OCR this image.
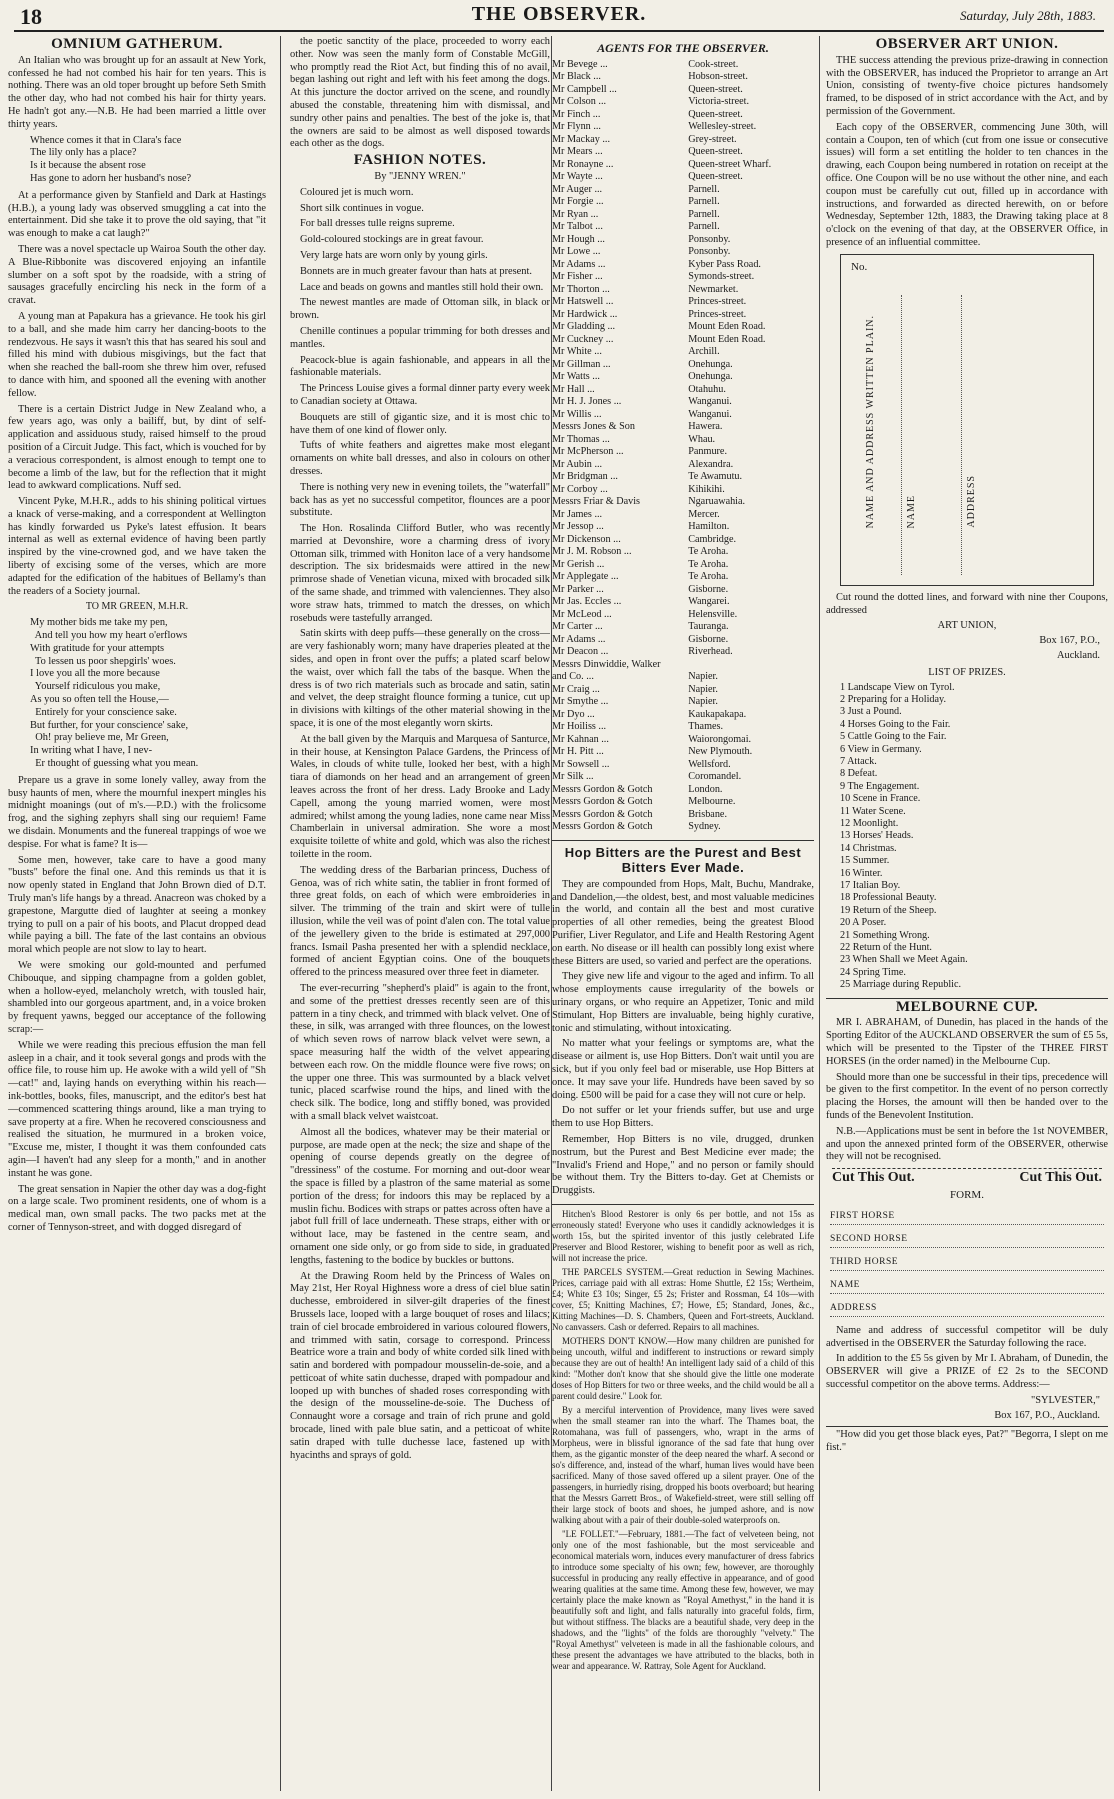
18	THE OBSERVER.	Saturday, July 28th, 1883.
OMNIUM GATHERUM.

An Italian who was brought up for an assault at New York, confessed he had not combed his hair for ten years. This is nothing. There was an old toper brought up before Seth Smith the other day, who had not combed his hair for thirty years. He hadn't got any.—N.B. He had been married a little over thirty years.

Whence comes it that in Clara's face
The lily only has a place?
Is it because the absent rose
Has gone to adorn her husband's nose?

At a performance given by Stanfield and Dark at Hastings (H.B.), a young lady was observed smuggling a cat into the entertainment. Did she take it to prove the old saying, that "it was enough to make a cat laugh?"

There was a novel spectacle up Wairoa South the other day. A Blue-Ribbonite was discovered enjoying an infantile slumber on a soft spot by the roadside, with a string of sausages gracefully encircling his neck in the form of a cravat.

A young man at Papakura has a grievance. He took his girl to a ball, and she made him carry her dancing-boots to the rendezvous. He says it wasn't this that has seared his soul and filled his mind with dubious misgivings, but the fact that when she reached the ball-room she threw him over, refused to dance with him, and spooned all the evening with another fellow.

There is a certain District Judge in New Zealand who, a few years ago, was only a bailiff, but, by dint of self-application and assiduous study, raised himself to the proud position of a Circuit Judge. This fact, which is vouched for by a veracious correspondent, is almost enough to tempt one to become a limb of the law, but for the reflection that it might lead to awkward complications. Nuff sed.

Vincent Pyke, M.H.R., adds to his shining political virtues a knack of verse-making, and a correspondent at Wellington has kindly forwarded us Pyke's latest effusion. It bears internal as well as external evidence of having been partly inspired by the vine-crowned god, and we have taken the liberty of excising some of the verses, which are more adapted for the edification of the habitues of Bellamy's than the readers of a Society journal.

TO MR GREEN, M.H.R.
My mother bids me take my pen,
And tell you how my heart o'erflows
With gratitude for your attempts
To lessen us poor shepgirls' woes.
I love you all the more because
Yourself ridiculous you make,
As you so often tell the House,—
Entirely for your conscience sake.
But further, for your conscience' sake,
Oh! pray believe me, Mr Green,
In writing what I have, I nev-
Er thought of guessing what you mean.

Prepare us a grave in some lonely valley, away from the busy haunts of men, where the mournful inexpert mingles his midnight moanings (out of m's.—P.D.) with the frolicsome frog, and the sighing zephyrs shall sing our requiem! Fame we disdain. Monuments and the funereal trappings of woe we despise. For what is fame? It is—

Some men, however, take care to have a good many "busts" before the final one. And this reminds us that it is now openly stated in England that John Brown died of D.T. Truly man's life hangs by a thread. Anacreon was choked by a grapestone, Margutte died of laughter at seeing a monkey trying to pull on a pair of his boots, and Placut dropped dead while paying a bill. The fate of the last contains an obvious moral which people are not slow to lay to heart.

We were smoking our gold-mounted and perfumed Chibouque, and sipping champagne from a golden goblet, when a hollow-eyed, melancholy wretch, with tousled hair, shambled into our gorgeous apartment, and, in a voice broken by frequent yawns, begged our acceptance of the following scrap:—

While we were reading this precious effusion the man fell asleep in a chair, and it took several gongs and prods with the office file, to rouse him up. He awoke with a wild yell of "Sh—cat!" and, laying hands on everything within his reach—ink-bottles, books, files, manuscript, and the editor's best hat—commenced scattering things around, like a man trying to save property at a fire. When he recovered consciousness and realised the situation, he murmured in a broken voice, "Excuse me, mister, I thought it was them confounded cats agin—I haven't had any sleep for a month," and in another instant he was gone.

The great sensation in Napier the other day was a dog-fight on a large scale. Two prominent residents, one of whom is a medical man, own small packs. The two packs met at the corner of Tennyson-street, and with dogged disregard of

the poetic sanctity of the place, proceeded to worry each other. Now was seen the manly form of Constable McGill, who promptly read the Riot Act, but finding this of no avail, began lashing out right and left with his feet among the dogs. At this juncture the doctor arrived on the scene, and roundly abused the constable, threatening him with dismissal, and sundry other pains and penalties. The best of the joke is, that the owners are said to be almost as well disposed towards each other as the dogs.

FASHION NOTES.
By "JENNY WREN."

Coloured jet is much worn.

Short silk continues in vogue.

For ball dresses tulle reigns supreme.

Gold-coloured stockings are in great favour.

Very large hats are worn only by young girls.

Bonnets are in much greater favour than hats at present.

Lace and beads on gowns and mantles still hold their own.

The newest mantles are made of Ottoman silk, in black or brown.

Chenille continues a popular trimming for both dresses and mantles.

Peacock-blue is again fashionable, and appears in all the fashionable materials.

The Princess Louise gives a formal dinner party every week to Canadian society at Ottawa.

Bouquets are still of gigantic size, and it is most chic to have them of one kind of flower only.

Tufts of white feathers and aigrettes make most elegant ornaments on white ball dresses, and also in colours on other dresses.

There is nothing very new in evening toilets, the "waterfall" back has as yet no successful competitor, flounces are a poor substitute.

The Hon. Rosalinda Clifford Butler, who was recently married at Devonshire, wore a charming dress of ivory Ottoman silk, trimmed with Honiton lace of a very handsome description. The six bridesmaids were attired in the new primrose shade of Venetian vicuna, mixed with brocaded silk of the same shade, and trimmed with valenciennes. They also wore straw hats, trimmed to match the dresses, on which rosebuds were tastefully arranged.

Satin skirts with deep puffs—these generally on the cross—are very fashionably worn; many have draperies pleated at the sides, and open in front over the puffs; a plated scarf below the waist, over which fall the tabs of the basque. When the dress is of two rich materials such as brocade and satin, satin and velvet, the deep straight flounce forming a tunice, cut up in divisions with kiltings of the other material showing in the space, it is one of the most elegantly worn skirts.

At the ball given by the Marquis and Marquesa of Santurce, in their house, at Kensington Palace Gardens, the Princess of Wales, in clouds of white tulle, looked her best, with a high tiara of diamonds on her head and an arrangement of green leaves across the front of her dress. Lady Brooke and Lady Capell, among the young married women, were most admired; whilst among the young ladies, none came near Miss Chamberlain in universal admiration. She wore a most exquisite toilette of white and gold, which was also the richest toilette in the room.

The wedding dress of the Barbarian princess, Duchess of Genoa, was of rich white satin, the tablier in front formed of three great folds, on each of which were embroideries in silver. The trimming of the train and skirt were of tulle illusion, while the veil was of point d'alen con. The total value of the jewellery given to the bride is estimated at 297,000 francs. Ismail Pasha presented her with a splendid necklace, formed of ancient Egyptian coins. One of the bouquets offered to the princess measured over three feet in diameter.

The ever-recurring "shepherd's plaid" is again to the front, and some of the prettiest dresses recently seen are of this pattern in a tiny check, and trimmed with black velvet. One of these, in silk, was arranged with three flounces, on the lowest of which seven rows of narrow black velvet were sewn, a space measuring half the width of the velvet appearing between each row. On the middle flounce were five rows; on the upper one three. This was surmounted by a black velvet tunic, placed scarfwise round the hips, and lined with the check silk. The bodice, long and stiffly boned, was provided with a small black velvet waistcoat.

Almost all the bodices, whatever may be their material or purpose, are made open at the neck; the size and shape of the opening of course depends greatly on the degree of "dressiness" of the costume. For morning and out-door wear the space is filled by a plastron of the same material as some portion of the dress; for indoors this may be replaced by a muslin fichu. Bodices with straps or pattes across often have a jabot full frill of lace underneath. These straps, either with or without lace, may be fastened in the centre seam, and ornament one side only, or go from side to side, in graduated lengths, fastening to the bodice by buckles or buttons.

At the Drawing Room held by the Princess of Wales on May 21st, Her Royal Highness wore a dress of ciel blue satin duchesse, embroidered in silver-gilt draperies of the finest Brussels lace, looped with a large bouquet of roses and lilacs; train of ciel brocade embroidered in various coloured flowers, and trimmed with satin, corsage to correspond. Princess Beatrice wore a train and body of white corded silk lined with satin and bordered with pompadour mousselin-de-soie, and a petticoat of white satin duchesse, draped with pompadour and looped up with bunches of shaded roses corresponding with the design of the mousseline-de-soie. The Duchess of Connaught wore a corsage and train of rich prune and gold brocade, lined with pale blue satin, and a petticoat of white satin draped with tulle duchesse lace, fastened up with hyacinths and sprays of gold.

AGENTS FOR THE OBSERVER.
Mr Bevege ...	Cook-street.
Mr Black ...	Hobson-street.
Mr Campbell ...	Queen-street.
Mr Colson ...	Victoria-street.
Mr Finch ...	Queen-street.
Mr Flynn ...	Wellesley-street.
Mr Mackay ...	Grey-street.
Mr Mears ...	Queen-street.
Mr Ronayne ...	Queen-street Wharf.
Mr Wayte ...	Queen-street.
Mr Auger ...	Parnell.
Mr Forgie ...	Parnell.
Mr Ryan ...	Parnell.
Mr Talbot ...	Parnell.
Mr Hough ...	Ponsonby.
Mr Lowe ...	Ponsonby.
Mr Adams ...	Kyber Pass Road.
Mr Fisher ...	Symonds-street.
Mr Thorton ...	Newmarket.
Mr Hatswell ...	Princes-street.
Mr Hardwick ...	Princes-street.
Mr Gladding ...	Mount Eden Road.
Mr Cuckney ...	Mount Eden Road.
Mr White ...	Archill.
Mr Gillman ...	Onehunga.
Mr Watts ...	Onehunga.
Mr Hall ...	Otahuhu.
Mr H. J. Jones ...	Wanganui.
Mr Willis ...	Wanganui.
Messrs Jones & Son	Hawera.
Mr Thomas ...	Whau.
Mr McPherson ...	Panmure.
Mr Aubin ...	Alexandra.
Mr Bridgman ...	Te Awamutu.
Mr Corboy ...	Kihikihi.
Messrs Friar & Davis	Ngaruawahia.
Mr James ...	Mercer.
Mr Jessop ...	Hamilton.
Mr Dickenson ...	Cambridge.
Mr J. M. Robson ...	Te Aroha.
Mr Gerish ...	Te Aroha.
Mr Applegate ...	Te Aroha.
Mr Parker ...	Gisborne.
Mr Jas. Eccles ...	Wangarei.
Mr McLeod ...	Helensville.
Mr Carter ...	Tauranga.
Mr Adams ...	Gisborne.
Mr Deacon ...	Riverhead.
Messrs Dinwiddie, Walker	
and Co. ...	Napier.
Mr Craig ...	Napier.
Mr Smythe ...	Napier.
Mr Dyo ...	Kaukapakapa.
Mr Hoiliss ...	Thames.
Mr Kahnan ...	Waiorongomai.
Mr H. Pitt ...	New Plymouth.
Mr Sowsell ...	Wellsford.
Mr Silk ...	Coromandel.
Messrs Gordon & Gotch	London.
Messrs Gordon & Gotch	Melbourne.
Messrs Gordon & Gotch	Brisbane.
Messrs Gordon & Gotch	Sydney.
Hop Bitters are the Purest and Best Bitters Ever Made.

They are compounded from Hops, Malt, Buchu, Mandrake, and Dandelion,—the oldest, best, and most valuable medicines in the world, and contain all the best and most curative properties of all other remedies, being the greatest Blood Purifier, Liver Regulator, and Life and Health Restoring Agent on earth. No disease or ill health can possibly long exist where these Bitters are used, so varied and perfect are the operations.

They give new life and vigour to the aged and infirm. To all whose employments cause irregularity of the bowels or urinary organs, or who require an Appetizer, Tonic and mild Stimulant, Hop Bitters are invaluable, being highly curative, tonic and stimulating, without intoxicating.

No matter what your feelings or symptoms are, what the disease or ailment is, use Hop Bitters. Don't wait until you are sick, but if you only feel bad or miserable, use Hop Bitters at once. It may save your life. Hundreds have been saved by so doing. £500 will be paid for a case they will not cure or help.

Do not suffer or let your friends suffer, but use and urge them to use Hop Bitters.

Remember, Hop Bitters is no vile, drugged, drunken nostrum, but the Purest and Best Medicine ever made; the "Invalid's Friend and Hope," and no person or family should be without them. Try the Bitters to-day. Get at Chemists or Druggists.

Hitchen's Blood Restorer is only 6s per bottle, and not 15s as erroneously stated! Everyone who uses it candidly acknowledges it is worth 15s, but the spirited inventor of this justly celebrated Life Preserver and Blood Restorer, wishing to benefit poor as well as rich, will not increase the price.

THE PARCELS SYSTEM.—Great reduction in Sewing Machines. Prices, carriage paid with all extras: Home Shuttle, £2 15s; Wertheim, £4; White £3 10s; Singer, £5 2s; Frister and Rossman, £4 10s—with cover, £5; Knitting Machines, £7; Howe, £5; Standard, Jones, &c., Kitting Machines—D. S. Chambers, Queen and Fort-streets, Auckland. No canvassers. Cash or deferred. Repairs to all machines.

MOTHERS DON'T KNOW.—How many children are punished for being uncouth, wilful and indifferent to instructions or reward simply because they are out of health! An intelligent lady said of a child of this kind: "Mother don't know that she should give the little one moderate doses of Hop Bitters for two or three weeks, and the child would be all a parent could desire." Look for.

By a merciful intervention of Providence, many lives were saved when the small steamer ran into the wharf. The Thames boat, the Rotomahana, was full of passengers, who, wrapt in the arms of Morpheus, were in blissful ignorance of the sad fate that hung over them, as the gigantic monster of the deep neared the wharf. A second or so's difference, and, instead of the wharf, human lives would have been sacrificed. Many of those saved offered up a silent prayer. One of the passengers, in hurriedly rising, dropped his boots overboard; but hearing that the Messrs Garrett Bros., of Wakefield-street, were still selling off their large stock of boots and shoes, he jumped ashore, and is now walking about with a pair of their double-soled waterproofs on.

"LE FOLLET."—February, 1881.—The fact of velveteen being, not only one of the most fashionable, but the most serviceable and economical materials worn, induces every manufacturer of dress fabrics to introduce some specialty of his own; few, however, are thoroughly successful in producing any really effective in appearance, and of good wearing qualities at the same time. Among these few, however, we may certainly place the make known as "Royal Amethyst," in the hand it is beautifully soft and light, and falls naturally into graceful folds, firm, but without stiffness. The blacks are a beautiful shade, very deep in the shadows, and the "lights" of the folds are thoroughly "velvety." The "Royal Amethyst" velveteen is made in all the fashionable colours, and these present the advantages we have attributed to the blacks, both in wear and appearance. W. Rattray, Sole Agent for Auckland.

OBSERVER ART UNION.

THE success attending the previous prize-drawing in connection with the OBSERVER, has induced the Proprietor to arrange an Art Union, consisting of twenty-five choice pictures handsomely framed, to be disposed of in strict accordance with the Act, and by permission of the Government.

Each copy of the OBSERVER, commencing June 30th, will contain a Coupon, ten of which (cut from one issue or consecutive issues) will form a set entitling the holder to ten chances in the drawing, each Coupon being numbered in rotation on receipt at the office. One Coupon will be no use without the other nine, and each coupon must be carefully cut out, filled up in accordance with instructions, and forwarded as directed herewith, on or before Wednesday, September 12th, 1883, the Drawing taking place at 8 o'clock on the evening of that day, at the OBSERVER Office, in presence of an influential committee.

No.
NAME AND ADDRESS WRITTEN PLAIN.	NAME	ADDRESS

Cut round the dotted lines, and forward with nine ther Coupons, addressed

ART UNION,
Box 167, P.O.,
Auckland.
LIST OF PRIZES.
1 Landscape View on Tyrol.
2 Preparing for a Holiday.
3 Just a Pound.
4 Horses Going to the Fair.
5 Cattle Going to the Fair.
6 View in Germany.
7 Attack.
8 Defeat.
9 The Engagement.
10 Scene in France.
11 Water Scene.
12 Moonlight.
13 Horses' Heads.
14 Christmas.
15 Summer.
16 Winter.
17 Italian Boy.
18 Professional Beauty.
19 Return of the Sheep.
20 A Poser.
21 Something Wrong.
22 Return of the Hunt.
23 When Shall we Meet Again.
24 Spring Time.
25 Marriage during Republic.
MELBOURNE CUP.

MR I. ABRAHAM, of Dunedin, has placed in the hands of the Sporting Editor of the AUCKLAND OBSERVER the sum of £5 5s, which will be presented to the Tipster of the THREE FIRST HORSES (in the order named) in the Melbourne Cup.

Should more than one be successful in their tips, precedence will be given to the first competitor. In the event of no person correctly placing the Horses, the amount will then be handed over to the funds of the Benevolent Institution.

N.B.—Applications must be sent in before the 1st NOVEMBER, and upon the annexed printed form of the OBSERVER, otherwise they will not be recognised.

Cut This Out.	Cut This Out.
FORM.
FIRST HORSE
SECOND HORSE
THIRD HORSE
NAME
ADDRESS

Name and address of successful competitor will be duly advertised in the OBSERVER the Saturday following the race.

In addition to the £5 5s given by Mr I. Abraham, of Dunedin, the OBSERVER will give a PRIZE of £2 2s to the SECOND successful competitor on the above terms. Address:—

"SYLVESTER,"
Box 167, P.O., Auckland.

"How did you get those black eyes, Pat?" "Begorra, I slept on me fist."
